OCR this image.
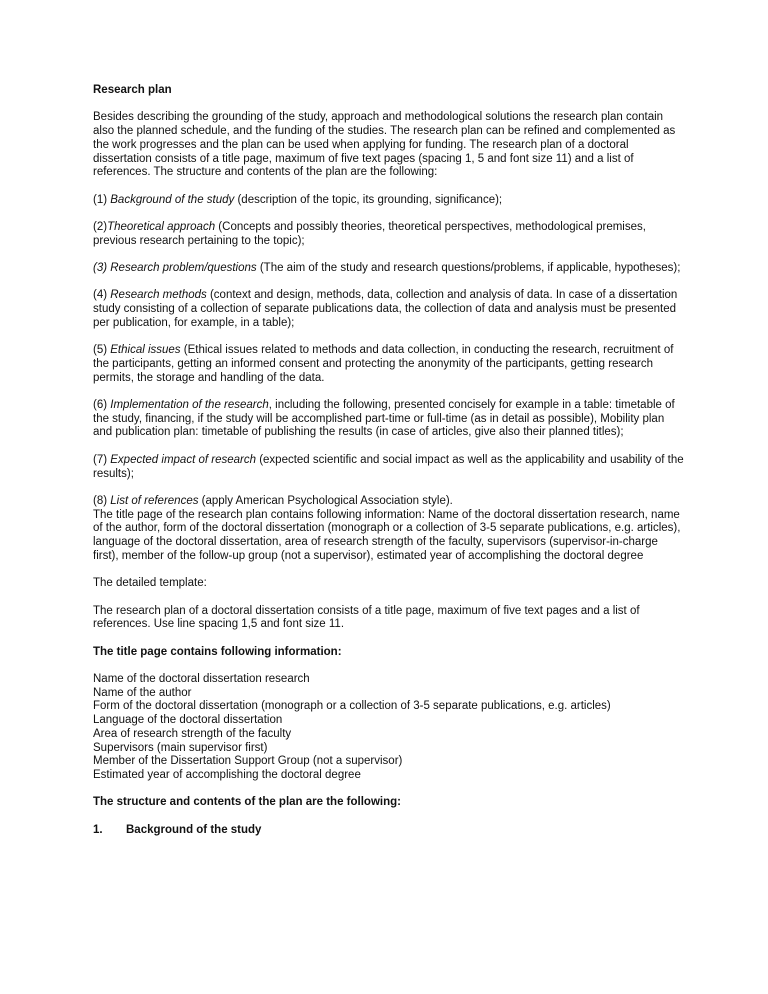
Research plan

Besides describing the grounding of the study, approach and methodological solutions the research plan contain also the planned schedule, and the funding of the studies. The research plan can be refined and complemented as the work progresses and the plan can be used when applying for funding. The research plan of a doctoral dissertation consists of a title page, maximum of five text pages (spacing 1, 5 and font size 11) and a list of references. The structure and contents of the plan are the following:

(1) Background of the study (description of the topic, its grounding, significance);

(2)Theoretical approach (Concepts and possibly theories, theoretical perspectives, methodological premises, previous research pertaining to the topic);

(3) Research problem/questions (The aim of the study and research questions/problems, if applicable, hypotheses);

(4) Research methods (context and design, methods, data, collection and analysis of data. In case of a dissertation study consisting of a collection of separate publications data, the collection of data and analysis must be presented per publication, for example, in a table);

(5) Ethical issues (Ethical issues related to methods and data collection, in conducting the research, recruitment of the participants, getting an informed consent and protecting the anonymity of the participants, getting research permits, the storage and handling of the data.

(6) Implementation of the research, including the following, presented concisely for example in a table: timetable of the study, financing, if the study will be accomplished part-time or full-time (as in detail as possible), Mobility plan and publication plan: timetable of publishing the results (in case of articles, give also their planned titles);

(7) Expected impact of research (expected scientific and social impact as well as the applicability and usability of the results);

(8) List of references (apply American Psychological Association style).
The title page of the research plan contains following information: Name of the doctoral dissertation research, name of the author, form of the doctoral dissertation (monograph or a collection of 3-5 separate publications, e.g. articles), language of the doctoral dissertation, area of research strength of the faculty, supervisors (supervisor-in-charge first), member of the follow-up group (not a supervisor), estimated year of accomplishing the doctoral degree

The detailed template:

The research plan of a doctoral dissertation consists of a title page, maximum of five text pages and a list of references. Use line spacing 1,5 and font size 11.

The title page contains following information:

Name of the doctoral dissertation research
Name of the author
Form of the doctoral dissertation (monograph or a collection of 3-5 separate publications, e.g. articles)
Language of the doctoral dissertation
Area of research strength of the faculty
Supervisors (main supervisor first)
Member of the Dissertation Support Group (not a supervisor)
Estimated year of accomplishing the doctoral degree

The structure and contents of the plan are the following:

1. Background of the study
